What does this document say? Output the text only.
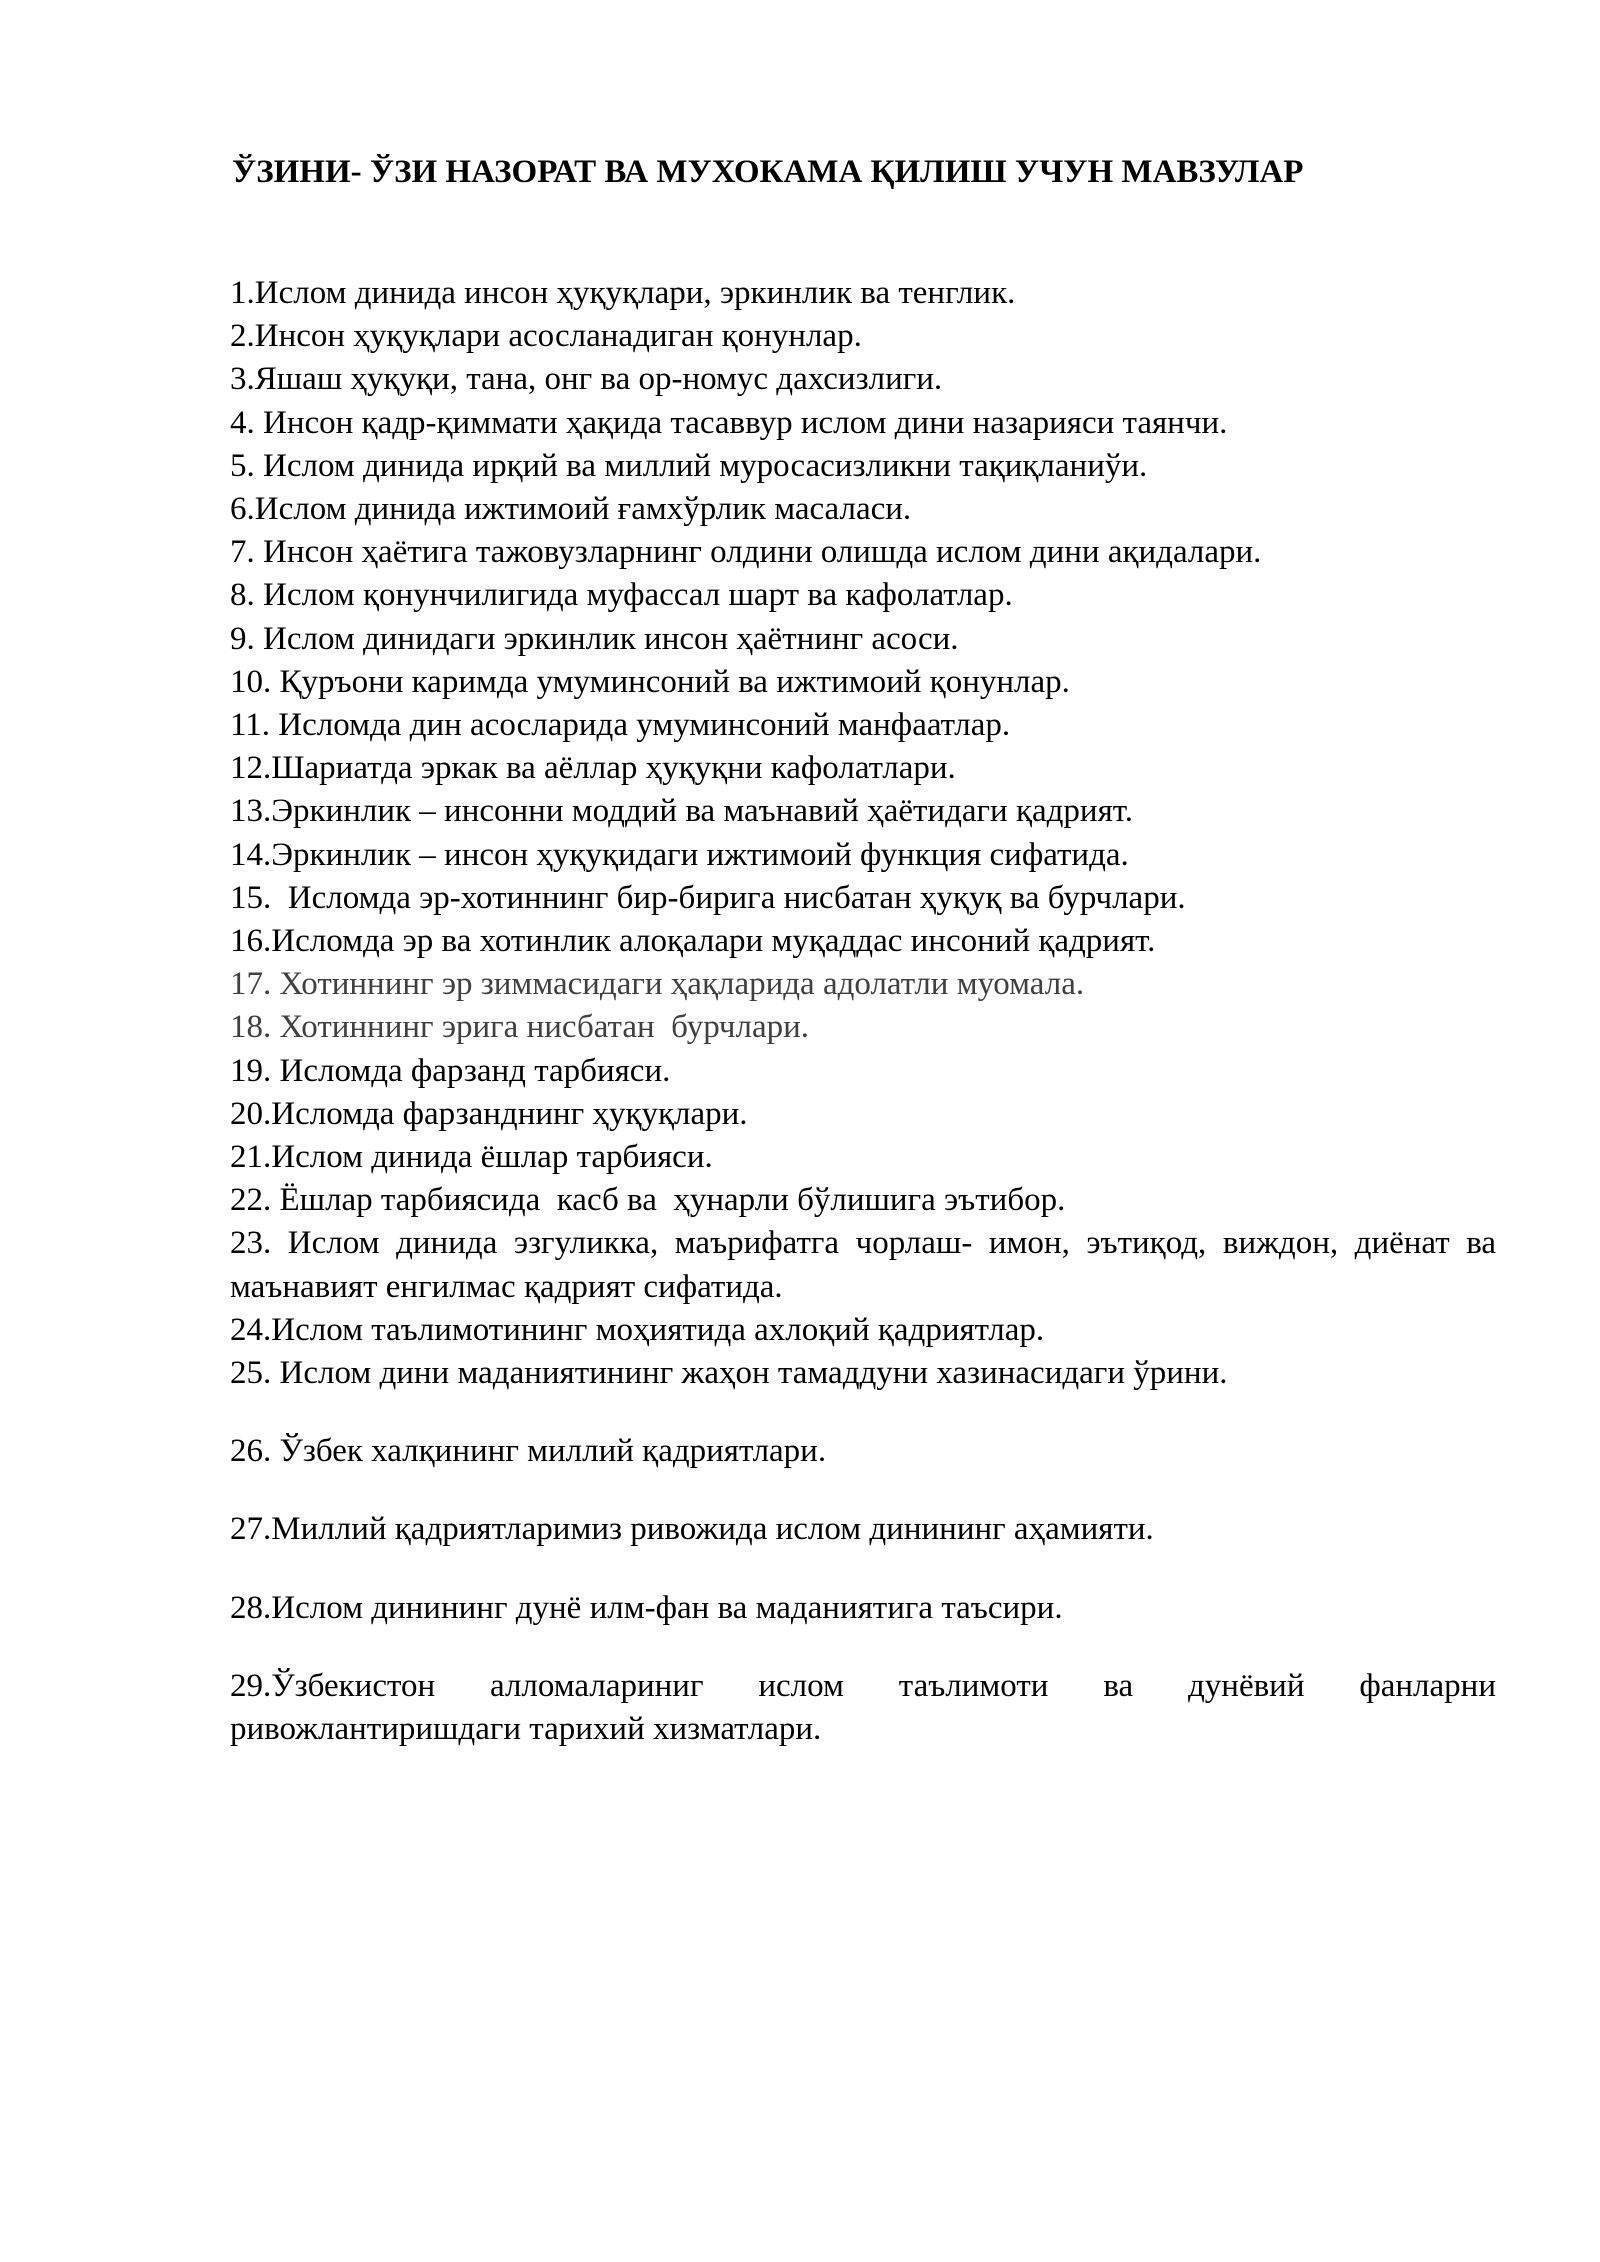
ЎЗИНИ- ЎЗИ НАЗОРАТ ВА МУХОКАМА ҚИЛИШ УЧУН МАВЗУЛАР

1.Ислом динида инсон ҳуқуқлари, эркинлик ва тенглик.

2.Инсон ҳуқуқлари асосланадиган қонунлар.

3.Яшаш ҳуқуқи, тана, онг ва ор-номус дахсизлиги.

4. Инсон қадр-қиммати ҳақида тасаввур ислом дини назарияси таянчи.

5. Ислом динида ирқий ва миллий муросасизликни тақиқланиўи.

6.Ислом динида ижтимоий ғамхўрлик масаласи.

7. Инсон ҳаётига тажовузларнинг олдини олишда ислом дини ақидалари.

8. Ислом қонунчилигида муфассал шарт ва кафолатлар.

9. Ислом динидаги эркинлик инсон ҳаётнинг асоси.

10. Қуръони каримда умуминсоний ва ижтимоий қонунлар.

11. Исломда дин асосларида умуминсоний манфаатлар.

12.Шариатда эркак ва аёллар ҳуқуқни кафолатлари.

13.Эркинлик – инсонни моддий ва маънавий ҳаётидаги қадрият.

14.Эркинлик – инсон ҳуқуқидаги ижтимоий функция сифатида.

15.  Исломда эр-хотиннинг бир-бирига нисбатан ҳуқуқ ва бурчлари.

16.Исломда эр ва хотинлик алоқалари муқаддас инсоний қадрият.

17. Хотиннинг эр зиммасидаги ҳақларида адолатли муомала.

18. Хотиннинг эрига нисбатан  бурчлари.

19. Исломда фарзанд тарбияси.

20.Исломда фарзанднинг ҳуқуқлари.

21.Ислом динида ёшлар тарбияси.

22. Ёшлар тарбиясида  касб ва  ҳунарли бўлишига эътибор.

23. Ислом динида эзгуликка, маърифатга чорлаш- имон, эътиқод, виждон, диёнат ва маънавият енгилмас қадрият сифатида.

24.Ислом таълимотининг моҳиятида ахлоқий қадриятлар.

25. Ислом дини маданиятининг жаҳон тамаддуни хазинасидаги ўрини.

26. Ўзбек халқининг миллий қадриятлари.

27.Миллий қадриятларимиз ривожида ислом динининг аҳамияти.

28.Ислом динининг дунё илм-фан ва маданиятига таъсири.

29.Ўзбекистон алломалариниг ислом таълимоти ва дунёвий фанларни ривожлантиришдаги тарихий хизматлари.
